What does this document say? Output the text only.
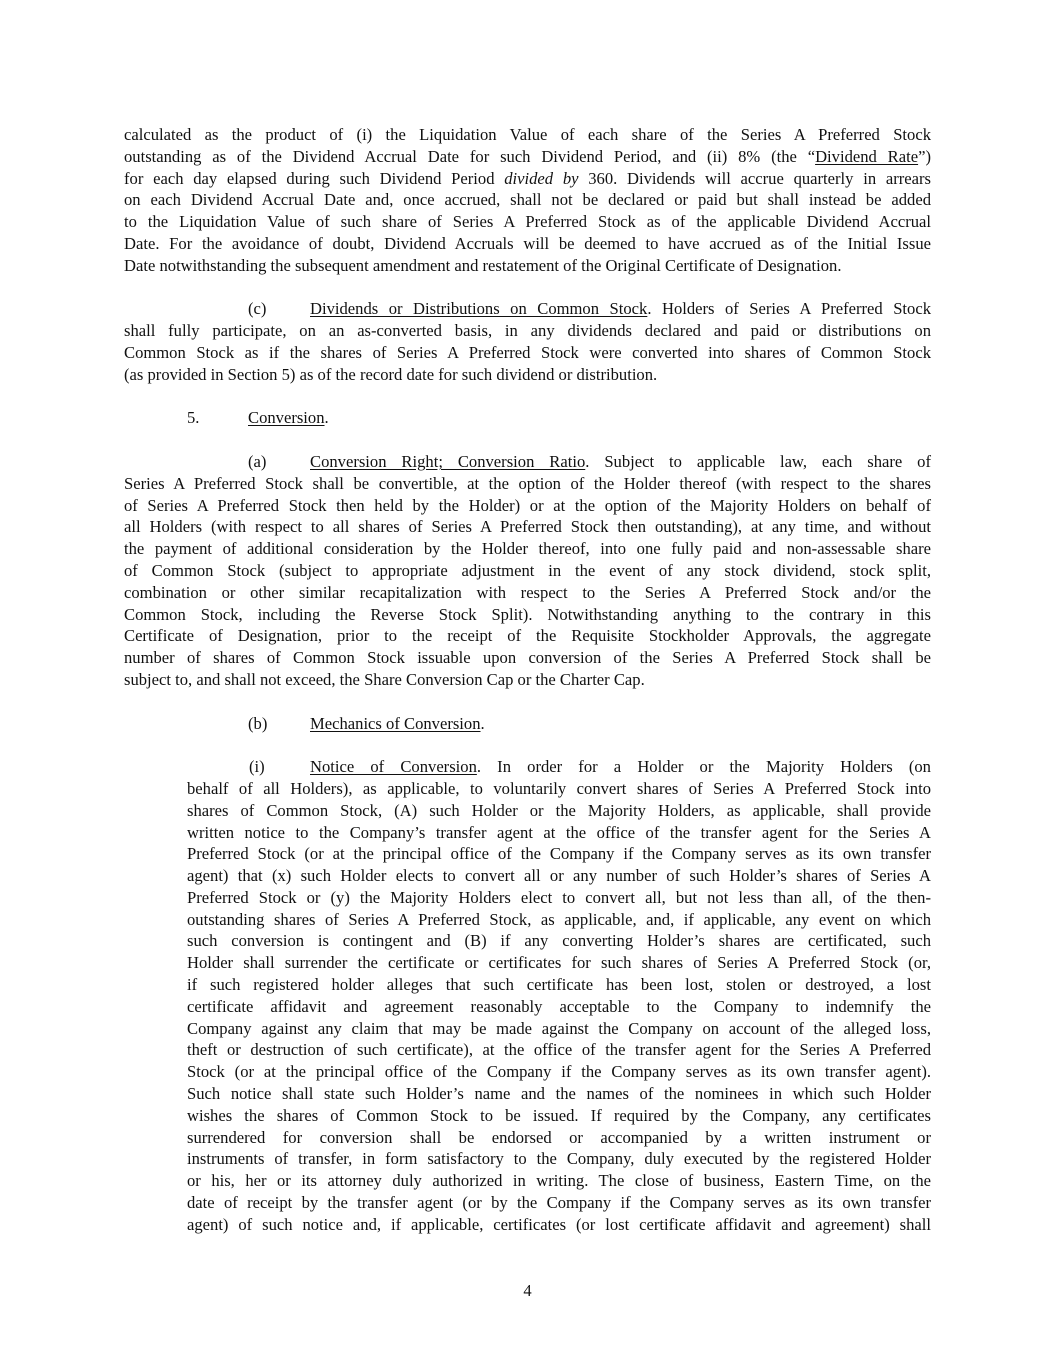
calculated as the product of (i) the Liquidation Value of each share of the Series A Preferred Stock
outstanding as of the Dividend Accrual Date for such Dividend Period, and (ii) 8% (the “Dividend Rate”)
for each day elapsed during such Dividend Period divided by 360. Dividends will accrue quarterly in arrears
on each Dividend Accrual Date and, once accrued, shall not be declared or paid but shall instead be added
to the Liquidation Value of such share of Series A Preferred Stock as of the applicable Dividend Accrual
Date. For the avoidance of doubt, Dividend Accruals will be deemed to have accrued as of the Initial Issue
Date notwithstanding the subsequent amendment and restatement of the Original Certificate of Designation.
(c)	Dividends or Distributions on Common Stock. Holders of Series A Preferred Stock
shall fully participate, on an as-converted basis, in any dividends declared and paid or distributions on
Common Stock as if the shares of Series A Preferred Stock were converted into shares of Common Stock
(as provided in Section 5) as of the record date for such dividend or distribution.
5.	Conversion.
(a)	Conversion Right; Conversion Ratio. Subject to applicable law, each share of
Series A Preferred Stock shall be convertible, at the option of the Holder thereof (with respect to the shares
of Series A Preferred Stock then held by the Holder) or at the option of the Majority Holders on behalf of
all Holders (with respect to all shares of Series A Preferred Stock then outstanding), at any time, and without
the payment of additional consideration by the Holder thereof, into one fully paid and non-assessable share
of Common Stock (subject to appropriate adjustment in the event of any stock dividend, stock split,
combination or other similar recapitalization with respect to the Series A Preferred Stock and/or the
Common Stock, including the Reverse Stock Split). Notwithstanding anything to the contrary in this
Certificate of Designation, prior to the receipt of the Requisite Stockholder Approvals, the aggregate
number of shares of Common Stock issuable upon conversion of the Series A Preferred Stock shall be
subject to, and shall not exceed, the Share Conversion Cap or the Charter Cap.
(b)	Mechanics of Conversion.
(i)	Notice of Conversion. In order for a Holder or the Majority Holders (on
behalf of all Holders), as applicable, to voluntarily convert shares of Series A Preferred Stock into
shares of Common Stock, (A) such Holder or the Majority Holders, as applicable, shall provide
written notice to the Company’s transfer agent at the office of the transfer agent for the Series A
Preferred Stock (or at the principal office of the Company if the Company serves as its own transfer
agent) that (x) such Holder elects to convert all or any number of such Holder’s shares of Series A
Preferred Stock or (y) the Majority Holders elect to convert all, but not less than all, of the then-
outstanding shares of Series A Preferred Stock, as applicable, and, if applicable, any event on which
such conversion is contingent and (B) if any converting Holder’s shares are certificated, such
Holder shall surrender the certificate or certificates for such shares of Series A Preferred Stock (or,
if such registered holder alleges that such certificate has been lost, stolen or destroyed, a lost
certificate affidavit and agreement reasonably acceptable to the Company to indemnify the
Company against any claim that may be made against the Company on account of the alleged loss,
theft or destruction of such certificate), at the office of the transfer agent for the Series A Preferred
Stock (or at the principal office of the Company if the Company serves as its own transfer agent).
Such notice shall state such Holder’s name and the names of the nominees in which such Holder
wishes the shares of Common Stock to be issued. If required by the Company, any certificates
surrendered for conversion shall be endorsed or accompanied by a written instrument or
instruments of transfer, in form satisfactory to the Company, duly executed by the registered Holder
or his, her or its attorney duly authorized in writing. The close of business, Eastern Time, on the
date of receipt by the transfer agent (or by the Company if the Company serves as its own transfer
agent) of such notice and, if applicable, certificates (or lost certificate affidavit and agreement) shall
4
